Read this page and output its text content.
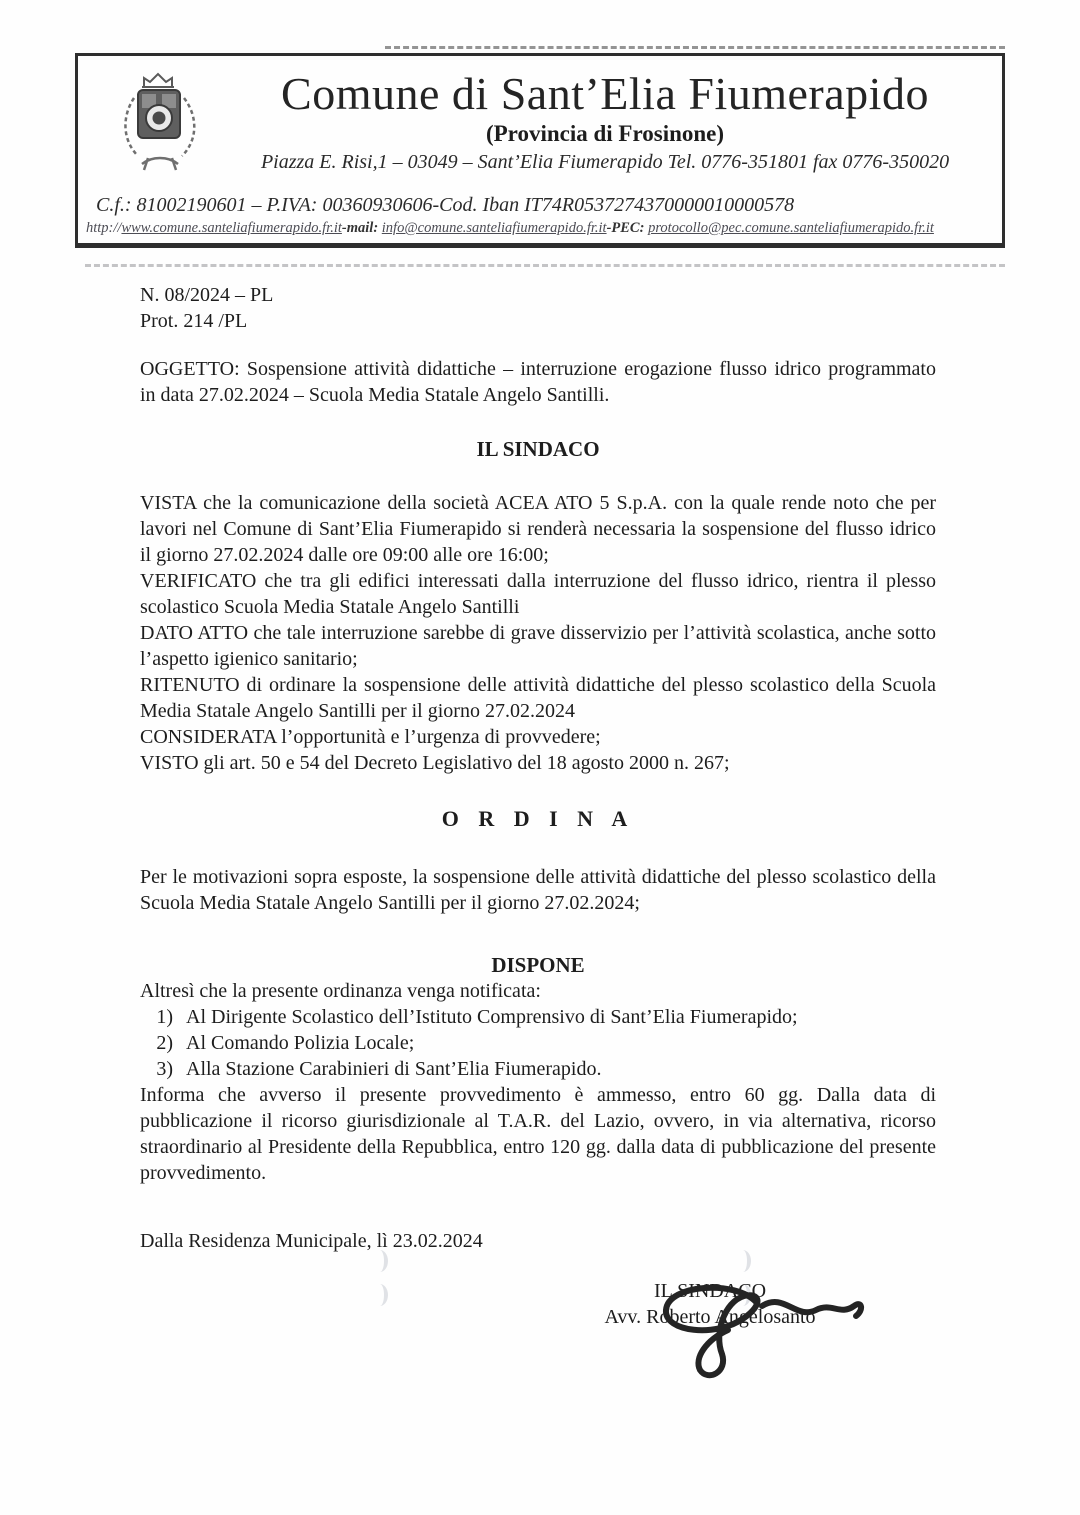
Comune di Sant’Elia Fiumerapido
(Provincia di Frosinone)
Piazza E. Risi,1 – 03049 – Sant’Elia Fiumerapido Tel. 0776-351801 fax 0776-350020
C.f.: 81002190601 – P.IVA: 00360930606-Cod. Iban IT74R0537274370000010000578
http://www.comune.santeliafiumerapido.fr.it-mail: info@comune.santeliafiumerapido.fr.it-PEC: protocollo@pec.comune.santeliafiumerapido.fr.it

N. 08/2024 – PL

Prot. 214 /PL

OGGETTO: Sospensione attività didattiche – interruzione erogazione flusso idrico programmato in data 27.02.2024 – Scuola Media Statale Angelo Santilli.

IL SINDACO

VISTA che la comunicazione della società ACEA ATO 5 S.p.A. con la quale rende noto che per lavori nel Comune di Sant’Elia Fiumerapido si renderà necessaria la sospensione del flusso idrico il giorno 27.02.2024 dalle ore 09:00 alle ore 16:00;

VERIFICATO che tra gli edifici interessati dalla interruzione del flusso idrico, rientra il plesso scolastico Scuola Media Statale Angelo Santilli

DATO ATTO che tale interruzione sarebbe di grave disservizio per l’attività scolastica, anche sotto l’aspetto igienico sanitario;

RITENUTO di ordinare la sospensione delle attività didattiche del plesso scolastico della Scuola Media Statale Angelo Santilli per il giorno 27.02.2024

CONSIDERATA l’opportunità e l’urgenza di provvedere;

VISTO gli art. 50 e 54 del Decreto Legislativo del 18 agosto 2000 n. 267;

O R D I N A

Per le motivazioni sopra esposte, la sospensione delle attività didattiche del plesso scolastico della Scuola Media Statale Angelo Santilli per il giorno 27.02.2024;

DISPONE

Altresì che la presente ordinanza venga notificata:

1) Al Dirigente Scolastico dell’Istituto Comprensivo di Sant’Elia Fiumerapido;
2) Al Comando Polizia Locale;
3) Alla Stazione Carabinieri di Sant’Elia Fiumerapido.

Informa che avverso il presente provvedimento è ammesso, entro 60 gg. Dalla data di pubblicazione il ricorso giurisdizionale al T.A.R. del Lazio, ovvero, in via alternativa, ricorso straordinario al Presidente della Repubblica, entro 120 gg. dalla data di pubblicazione del presente provvedimento.

Dalla Residenza Municipale, lì 23.02.2024

IL SINDACO
Avv. Roberto Angelosanto
